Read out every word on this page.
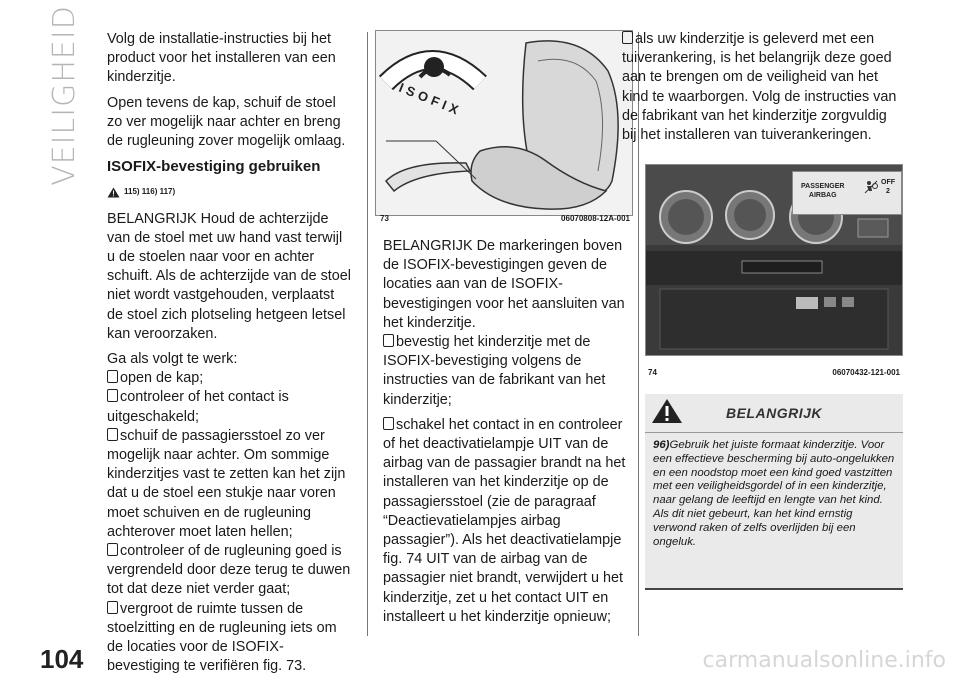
VEILIGHEID Volg de installatie-instructies bij het product voor het installeren van een kinderzitje.

Open tevens de kap, schuif de stoel zo ver mogelijk naar achter en breng de rugleuning zover mogelijk omlaag.

ISOFIX-bevestiging gebruiken
115) 116) 117)

BELANGRIJK Houd de achterzijde van de stoel met uw hand vast terwijl u de stoelen naar voor en achter schuift. Als de achterzijde van de stoel niet wordt vastgehouden, verplaatst de stoel zich plotseling hetgeen letsel kan veroorzaken.

Ga als volgt te werk:

open de kap;

controleer of het contact is uitgeschakeld;

schuif de passagiersstoel zo ver mogelijk naar achter. Om sommige kinderzitjes vast te zetten kan het zijn dat u de stoel een stukje naar voren moet schuiven en de rugleuning achterover moet laten hellen;

controleer of de rugleuning goed is vergrendeld door deze terug te duwen tot dat deze niet verder gaat;

vergroot de ruimte tussen de stoelzitting en de rugleuning iets om de locaties voor de ISOFIX-bevestiging te verifiëren fig. 73.

ISOFIX
73	06070808-12A-001

BELANGRIJK De markeringen boven de ISOFIX-bevestigingen geven de locaties aan van de ISOFIX-bevestigingen voor het aansluiten van het kinderzitje.

bevestig het kinderzitje met de ISOFIX-bevestiging volgens de instructies van de fabrikant van het kinderzitje;

schakel het contact in en controleer of het deactivatielampje UIT van de airbag van de passagier brandt na het installeren van het kinderzitje op de passagiersstoel (zie de paragraaf “Deactievatielampjes airbag passagier”). Als het deactivatielampje fig. 74 UIT van de airbag van de passagier niet brandt, verwijdert u het kinderzitje, zet u het contact UIT en installeert u het kinderzitje opnieuw;

als uw kinderzitje is geleverd met een tuiverankering, is het belangrijk deze goed aan te brengen om de veiligheid van het kind te waarborgen. Volg de instructies van de fabrikant van het kinderzitje zorgvuldig bij het installeren van tuiverankeringen.

PASSENGER
AIRBAG
OFF
2
74	06070432-121-001
BELANGRIJK
96)Gebruik het juiste formaat kinderzitje. Voor een effectieve bescherming bij auto-ongelukken en een noodstop moet een kind goed vastzitten met een veiligheidsgordel of in een kinderzitje, naar gelang de leeftijd en lengte van het kind. Als dit niet gebeurt, kan het kind ernstig verwond raken of zelfs overlijden bij een ongeluk.
104	carmanualsonline.info
